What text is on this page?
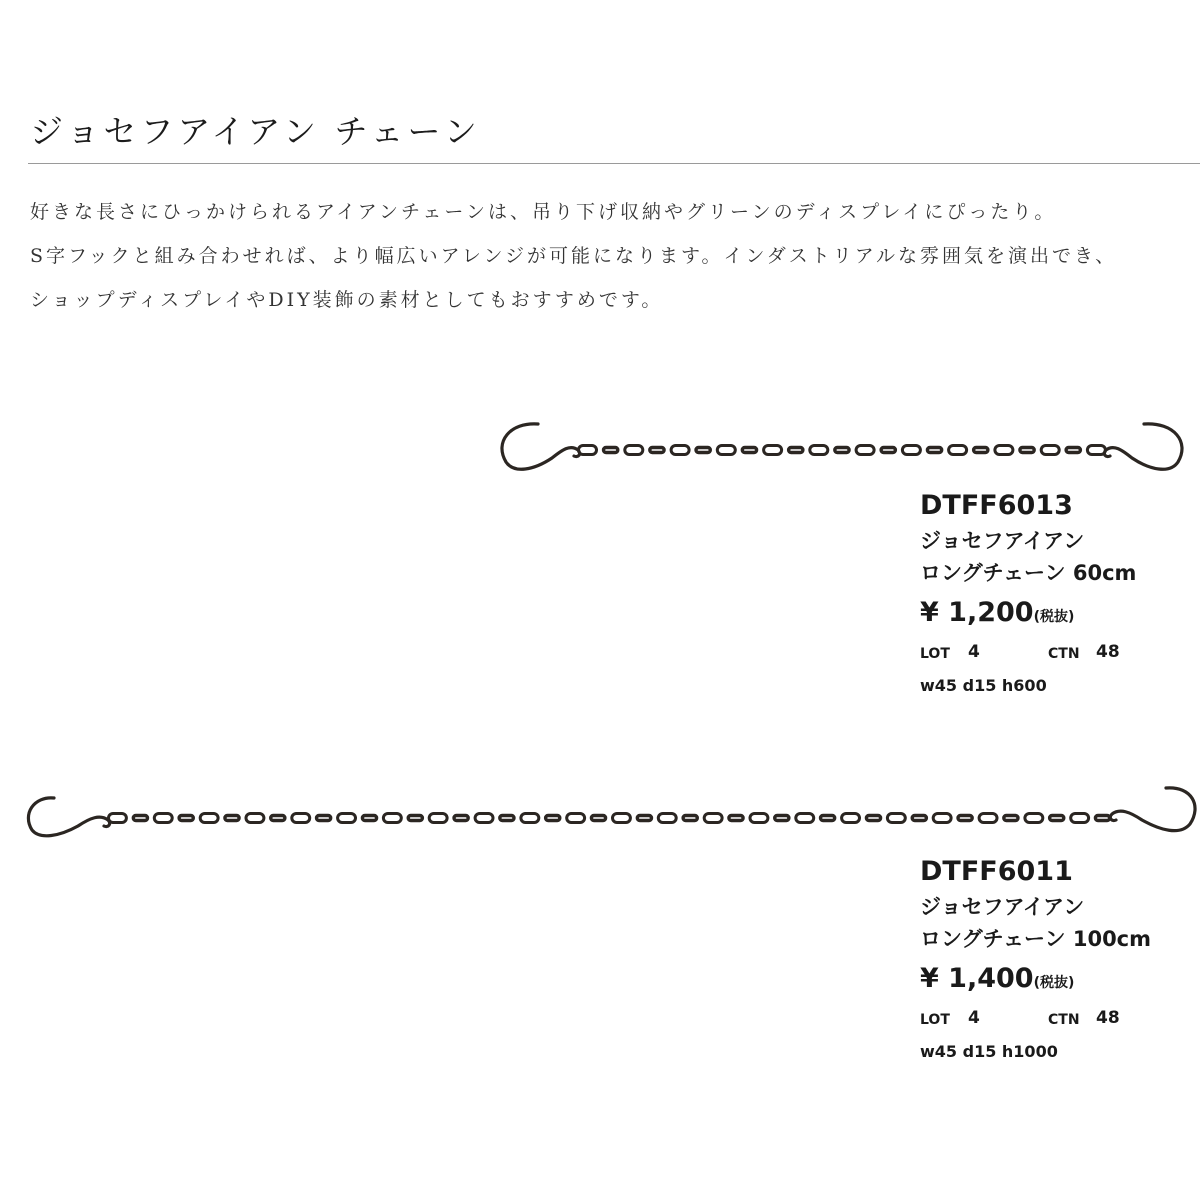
ジョセフアイアン チェーン
好きな長さにひっかけられるアイアンチェーンは、吊り下げ収納やグリーンのディスプレイにぴったり。
S字フックと組み合わせれば、より幅広いアレンジが可能になります。インダストリアルな雰囲気を演出でき、
ショップディスプレイやDIY装飾の素材としてもおすすめです。
DTFF6013
ジョセフアイアン
ロングチェーン 60cm
¥ 1,200(税抜)
LOT 4	CTN 48
w45 d15 h600
DTFF6011
ジョセフアイアン
ロングチェーン 100cm
¥ 1,400(税抜)
LOT 4	CTN 48
w45 d15 h1000
